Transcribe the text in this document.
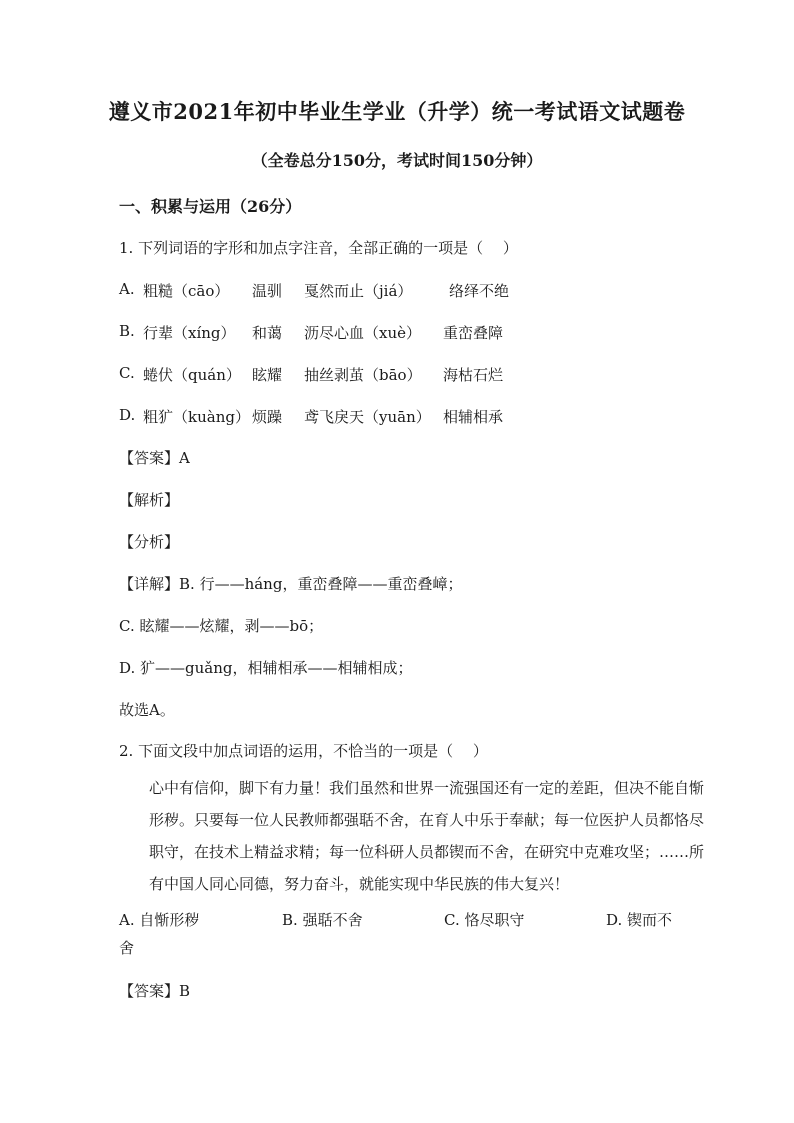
遵义市2021年初中毕业生学业（升学）统一考试语文试题卷
（全卷总分150分，考试时间150分钟）
一、积累与运用（26分）
1. 下列词语的字形和加点字注音，全部正确的一项是（　 ）
A. 粗糙（cāo） 温驯 戛然而止（jiá） 络绎不绝
B. 行辈（xíng） 和蔼 沥尽心血（xuè） 重峦叠障
C. 蜷伏（quán） 眩耀 抽丝剥茧（bāo） 海枯石烂
D. 粗犷（kuàng） 烦躁 鸢飞戾天（yuān） 相辅相承
【答案】A
【解析】
【分析】
【详解】B. 行——háng，重峦叠障——重峦叠嶂；
C. 眩耀——炫耀，剥——bō；
D. 犷——guǎng，相辅相承——相辅相成；
故选A。
2. 下面文段中加点词语的运用，不恰当的一项是（　 ）
心中有信仰，脚下有力量！我们虽然和世界一流强国还有一定的差距，但决不能自惭形秽。只要每一位人民教师都强聒不舍，在育人中乐于奉献；每一位医护人员都恪尽职守，在技术上精益求精；每一位科研人员都锲而不舍，在研究中克难攻坚；……所有中国人同心同德，努力奋斗，就能实现中华民族的伟大复兴！
A. 自惭形秽	B. 强聒不舍	C. 恪尽职守	D. 锲而不
舍
【答案】B
